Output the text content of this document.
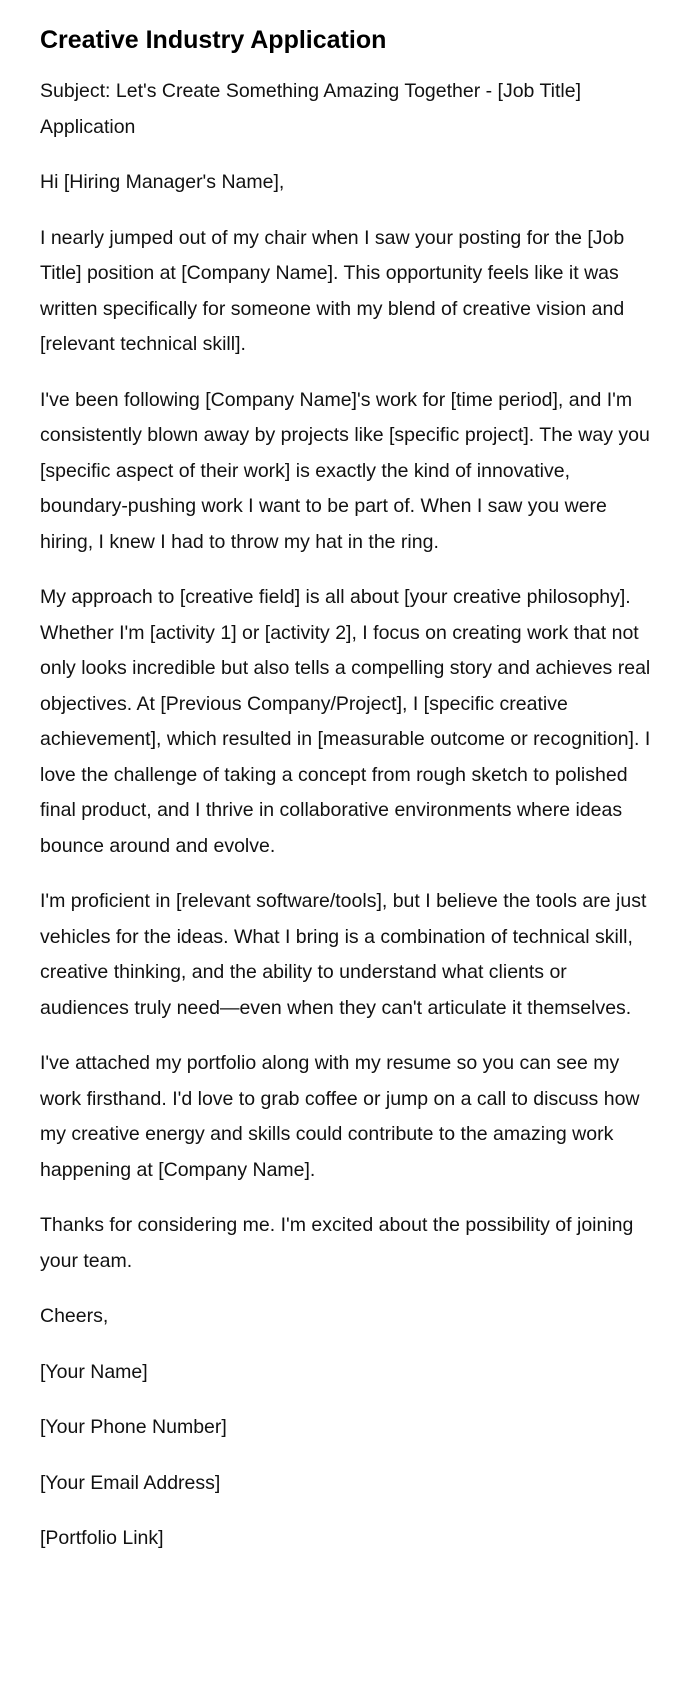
Creative Industry Application

Subject: Let's Create Something Amazing Together - [Job Title] Application

Hi [Hiring Manager's Name],

I nearly jumped out of my chair when I saw your posting for the [Job Title] position at [Company Name]. This opportunity feels like it was written specifically for someone with my blend of creative vision and [relevant technical skill].

I've been following [Company Name]'s work for [time period], and I'm consistently blown away by projects like [specific project]. The way you [specific aspect of their work] is exactly the kind of innovative, boundary-pushing work I want to be part of. When I saw you were hiring, I knew I had to throw my hat in the ring.

My approach to [creative field] is all about [your creative philosophy]. Whether I'm [activity 1] or [activity 2], I focus on creating work that not only looks incredible but also tells a compelling story and achieves real objectives. At [Previous Company/Project], I [specific creative achievement], which resulted in [measurable outcome or recognition]. I love the challenge of taking a concept from rough sketch to polished final product, and I thrive in collaborative environments where ideas bounce around and evolve.

I'm proficient in [relevant software/tools], but I believe the tools are just vehicles for the ideas. What I bring is a combination of technical skill, creative thinking, and the ability to understand what clients or audiences truly need—even when they can't articulate it themselves.

I've attached my portfolio along with my resume so you can see my work firsthand. I'd love to grab coffee or jump on a call to discuss how my creative energy and skills could contribute to the amazing work happening at [Company Name].

Thanks for considering me. I'm excited about the possibility of joining your team.

Cheers,

[Your Name]

[Your Phone Number]

[Your Email Address]

[Portfolio Link]
